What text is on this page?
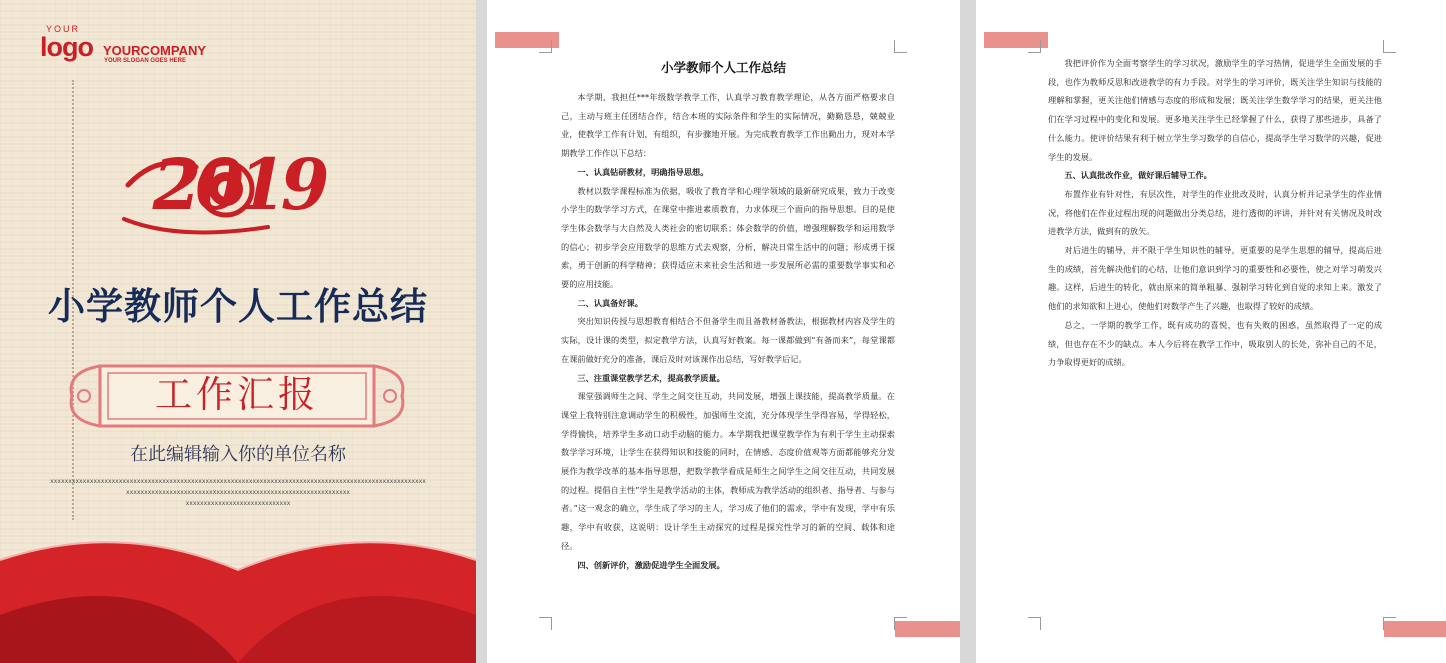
YOUR
logo YOURCOMPANY
YOUR SLOGAN GOES HERE
2019
小学教师个人工作总结
工作汇报
在此编辑输入你的单位名称
xxxxxxxxxxxxxxxxxxxxxxxxxxxxxxxxxxxxxxxxxxxxxxxxxxxxxxxxxxxxxxxxxxxxxxxxxxxxxxxxxxxxxxxxxxxxxxxxxxxxxxxx
xxxxxxxxxxxxxxxxxxxxxxxxxxxxxxxxxxxxxxxxxxxxxxxxxxxxxxxxxxxxxx
xxxxxxxxxxxxxxxxxxxxxxxxxxxxx
小学教师个人工作总结

本学期，我担任***年级数学教学工作，认真学习教育教学理论，从各方面严格要求自己，主动与班主任团结合作，结合本班的实际条件和学生的实际情况，勤勤恳恳，兢兢业业，使教学工作有计划，有组织，有步骤地开展。为完成教育教学工作出勤出力，现对本学期教学工作作以下总结：

一、认真钻研教材，明确指导思想。

教材以数学课程标准为依据，吸收了教育学和心理学领域的最新研究成果，致力于改变小学生的数学学习方式，在课堂中推进素质教育，力求体现三个面向的指导思想。目的是使学生体会数学与大自然及人类社会的密切联系；体会数学的价值，增强理解数学和运用数学的信心；初步学会应用数学的思维方式去观察，分析，解决日常生活中的问题；形成勇于探索，勇于创新的科学精神；获得适应未来社会生活和进一步发展所必需的重要数学事实和必要的应用技能。

二、认真备好课。

突出知识传授与思想教育相结合不但备学生而且备教材备教法，根据教材内容及学生的实际，设计课的类型，拟定教学方法，认真写好教案。每一课都做到“有备而来”，每堂课都在课前做好充分的准备，课后及时对该课作出总结，写好教学后记。

三、注重课堂教学艺术，提高教学质量。

课堂强调师生之间、学生之间交往互动，共同发展，增强上课技能，提高教学质量。在课堂上我特别注意调动学生的积极性，加强师生交流，充分体现学生学得容易，学得轻松，学得愉快，培养学生多动口动手动脑的能力。本学期我把课堂教学作为有利于学生主动探索数学学习环境，让学生在获得知识和技能的同时，在情感、态度价值观等方面都能够充分发展作为教学改革的基本指导思想，把数学教学看成是师生之间学生之间交往互动，共同发展的过程。提倡自主性”学生是教学活动的主体，教师成为教学活动的组织者、指导者、与参与者。”这一观念的确立，学生成了学习的主人，学习成了他们的需求，学中有发现，学中有乐趣，学中有收获，这说明：设计学生主动探究的过程是探究性学习的新的空间、载体和途径。

四、创新评价，激励促进学生全面发展。

我把评价作为全面考察学生的学习状况，激励学生的学习热情，促进学生全面发展的手段，也作为教师反思和改进教学的有力手段。对学生的学习评价，既关注学生知识与技能的理解和掌握，更关注他们情感与态度的形成和发展；既关注学生数学学习的结果，更关注他们在学习过程中的变化和发展。更多地关注学生已经掌握了什么，获得了那些进步，具备了什么能力。使评价结果有利于树立学生学习数学的自信心，提高学生学习数学的兴趣，促进学生的发展。

五、认真批改作业，做好课后辅导工作。

布置作业有针对性，有层次性，对学生的作业批改及时，认真分析并记录学生的作业情况，将他们在作业过程出现的问题做出分类总结，进行透彻的评讲，并针对有关情况及时改进教学方法，做到有的放矢。

对后进生的辅导，并不限于学生知识性的辅导，更重要的是学生思想的辅导，提高后进生的成绩，首先解决他们的心结，让他们意识到学习的重要性和必要性，使之对学习萌发兴趣。这样，后进生的转化，就由原来的简单粗暴、强制学习转化到自觉的求知上来。激发了他们的求知欲和上进心，使他们对数学产生了兴趣，也取得了较好的成绩。

总之，一学期的教学工作，既有成功的喜悦，也有失败的困惑，虽然取得了一定的成绩，但也存在不少的缺点。本人今后将在教学工作中，吸取别人的长处，弥补自己的不足，力争取得更好的成绩。
